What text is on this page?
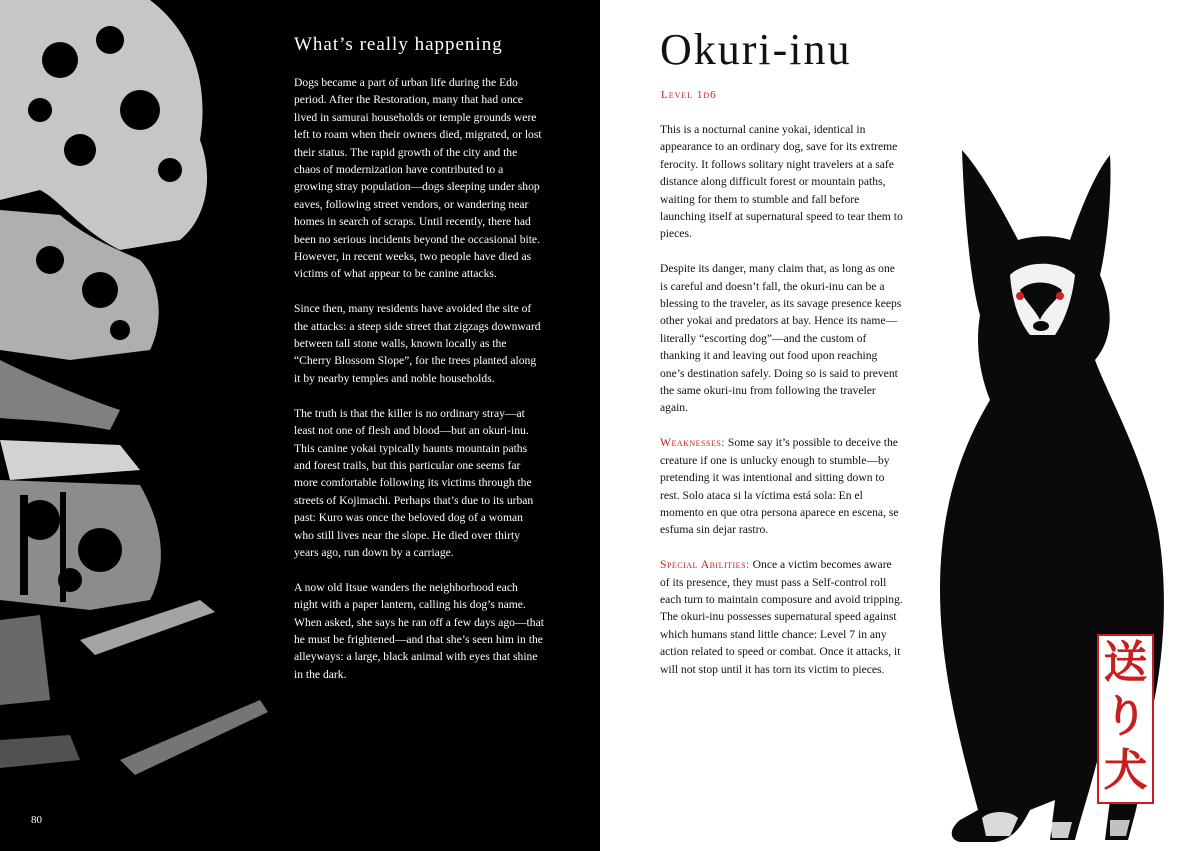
What’s really happening

Dogs became a part of urban life during the Edo period. After the Restoration, many that had once lived in samurai households or temple grounds were left to roam when their owners died, migrated, or lost their status. The rapid growth of the city and the chaos of modernization have contributed to a growing stray population—dogs sleeping under shop eaves, following street vendors, or wandering near homes in search of scraps. Until recently, there had been no serious incidents beyond the occasional bite. However, in recent weeks, two people have died as victims of what appear to be canine attacks.

Since then, many residents have avoided the site of the attacks: a steep side street that zigzags downward between tall stone walls, known locally as the “Cherry Blossom Slope”, for the trees planted along it by nearby temples and noble households.

The truth is that the killer is no ordinary stray—at least not one of flesh and blood—but an okuri-inu. This canine yokai typically haunts mountain paths and forest trails, but this particular one seems far more comfortable following its victims through the streets of Kojimachi. Perhaps that’s due to its urban past: Kuro was once the beloved dog of a woman who still lives near the slope. He died over thirty years ago, run down by a carriage.

A now old Itsue wanders the neighborhood each night with a paper lantern, calling his dog’s name. When asked, she says he ran off a few days ago—that he must be frightened—and that she’s seen him in the alleyways: a large, black animal with eyes that shine in the dark.

80
Okuri-inu
Level 1d6

This is a nocturnal canine yokai, identical in appearance to an ordinary dog, save for its extreme ferocity. It follows solitary night travelers at a safe distance along difficult forest or mountain paths, waiting for them to stumble and fall before launching itself at supernatural speed to tear them to pieces.

Despite its danger, many claim that, as long as one is careful and doesn’t fall, the okuri-inu can be a blessing to the traveler, as its savage presence keeps other yokai and predators at bay. Hence its name—literally “escorting dog”—and the custom of thanking it and leaving out food upon reaching one’s destination safely. Doing so is said to prevent the same okuri-inu from following the traveler again.

Weaknesses: Some say it’s possible to deceive the creature if one is unlucky enough to stumble—by pretending it was intentional and sitting down to rest. Solo ataca si la víctima está sola: En el momento en que otra persona aparece en escena, se esfuma sin dejar rastro.

Special Abilities: Once a victim becomes aware of its presence, they must pass a Self-control roll each turn to maintain composure and avoid tripping. The okuri-inu possesses supernatural speed against which humans stand little chance: Level 7 in any action related to speed or combat. Once it attacks, it will not stop until it has torn its victim to pieces.	送
り
犬
